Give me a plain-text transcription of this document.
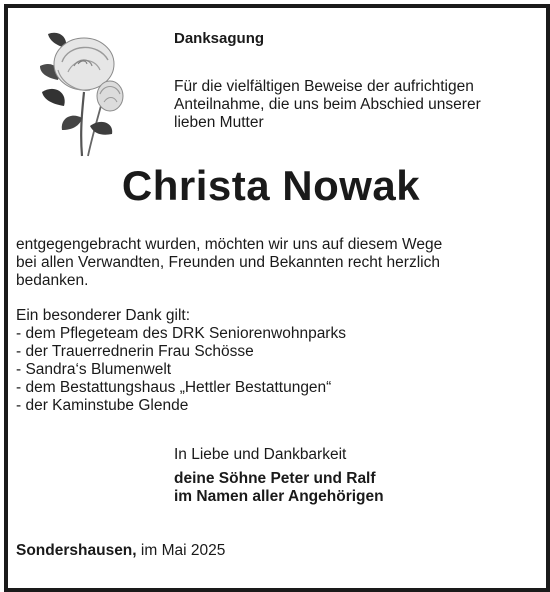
Danksagung
Für die vielfältigen Beweise der aufrichtigen
Anteilnahme, die uns beim Abschied unserer
lieben Mutter
Christa Nowak
entgegengebracht wurden, möchten wir uns auf diesem Wege
bei allen Verwandten, Freunden und Bekannten recht herzlich
bedanken.
Ein besonderer Dank gilt:
- dem Pflegeteam des DRK Seniorenwohnparks
- der Trauerrednerin Frau Schösse
- Sandra‘s Blumenwelt
- dem Bestattungshaus „Hettler Bestattungen“
- der Kaminstube Glende
In Liebe und Dankbarkeit
deine Söhne Peter und Ralf
im Namen aller Angehörigen
Sondershausen, im Mai 2025
